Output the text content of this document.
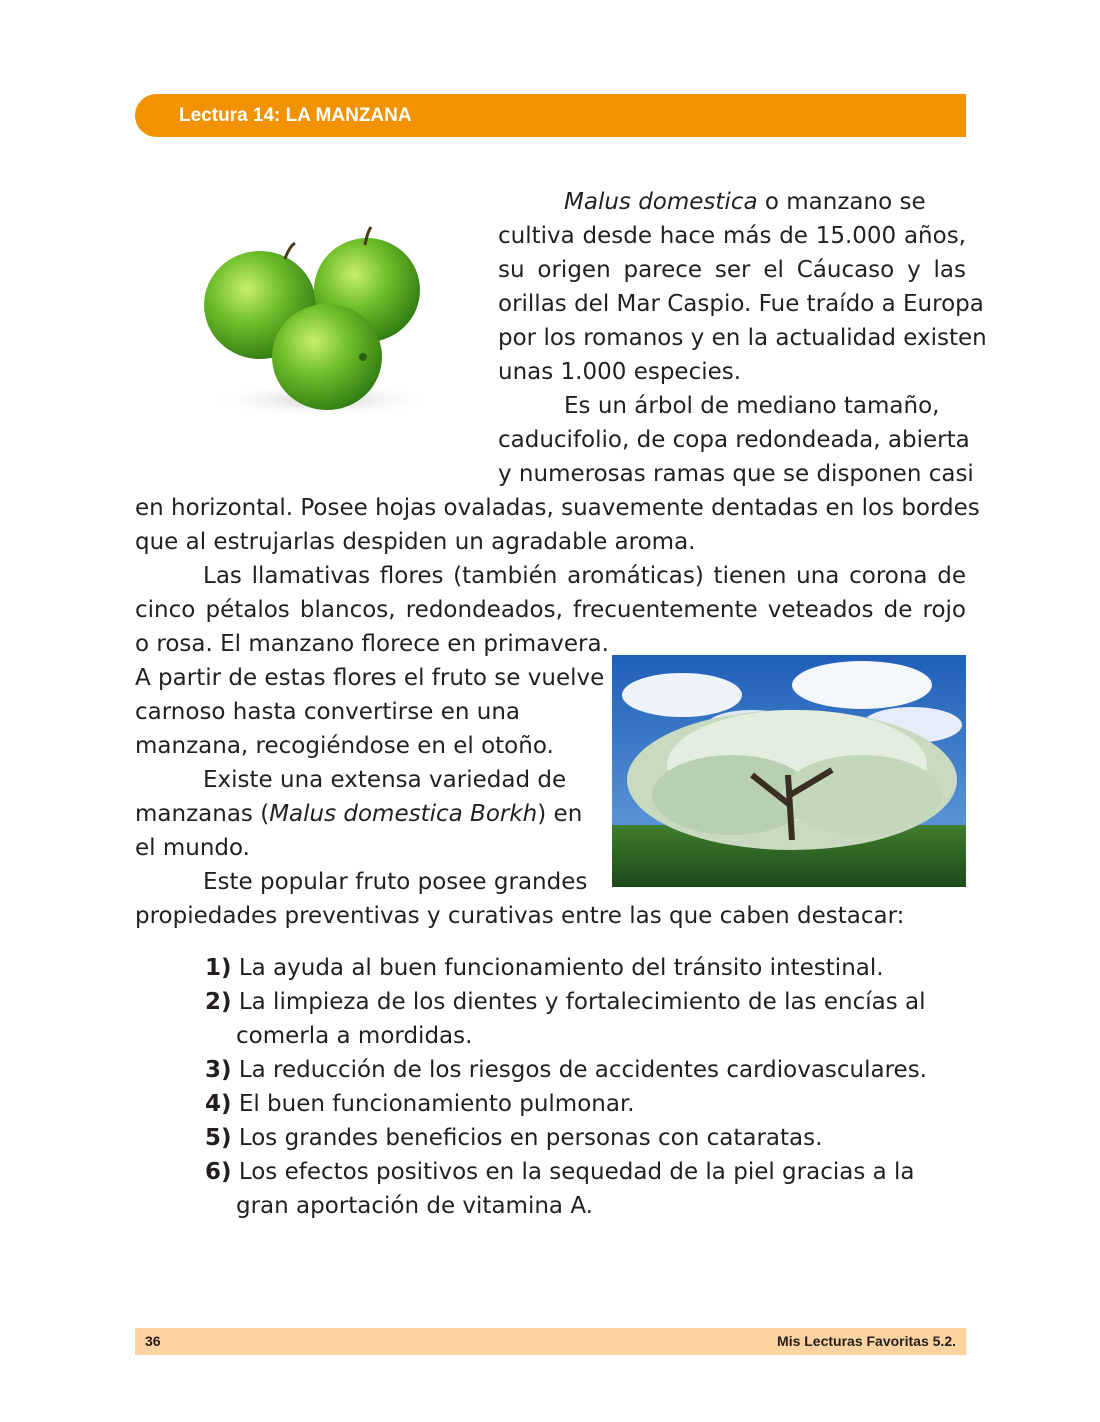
Lectura 14: LA MANZANA
Malus domestica o manzano se
cultiva desde hace más de 15.000 años,
su origen parece ser el Cáucaso y las
orillas del Mar Caspio. Fue traído a Europa
por los romanos y en la actualidad existen
unas 1.000 especies.
Es un árbol de mediano tamaño,
caducifolio, de copa redondeada, abierta
y numerosas ramas que se disponen casi
en horizontal. Posee hojas ovaladas, suavemente dentadas en los bordes
que al estrujarlas despiden un agradable aroma.
Las llamativas flores (también aromáticas) tienen una corona de
cinco pétalos blancos, redondeados, frecuentemente veteados de rojo
o rosa. El manzano florece en primavera.
A partir de estas flores el fruto se vuelve
carnoso hasta convertirse en una
manzana, recogiéndose en el otoño.
Existe una extensa variedad de
manzanas (Malus domestica Borkh) en
el mundo.
Este popular fruto posee grandes
propiedades preventivas y curativas entre las que caben destacar:
1) La ayuda al buen funcionamiento del tránsito intestinal.
2) La limpieza de los dientes y fortalecimiento de las encías al
comerla a mordidas.
3) La reducción de los riesgos de accidentes cardiovasculares.
4) El buen funcionamiento pulmonar.
5) Los grandes beneficios en personas con cataratas.
6) Los efectos positivos en la sequedad de la piel gracias a la
gran aportación de vitamina A.
36	Mis Lecturas Favoritas 5.2.
